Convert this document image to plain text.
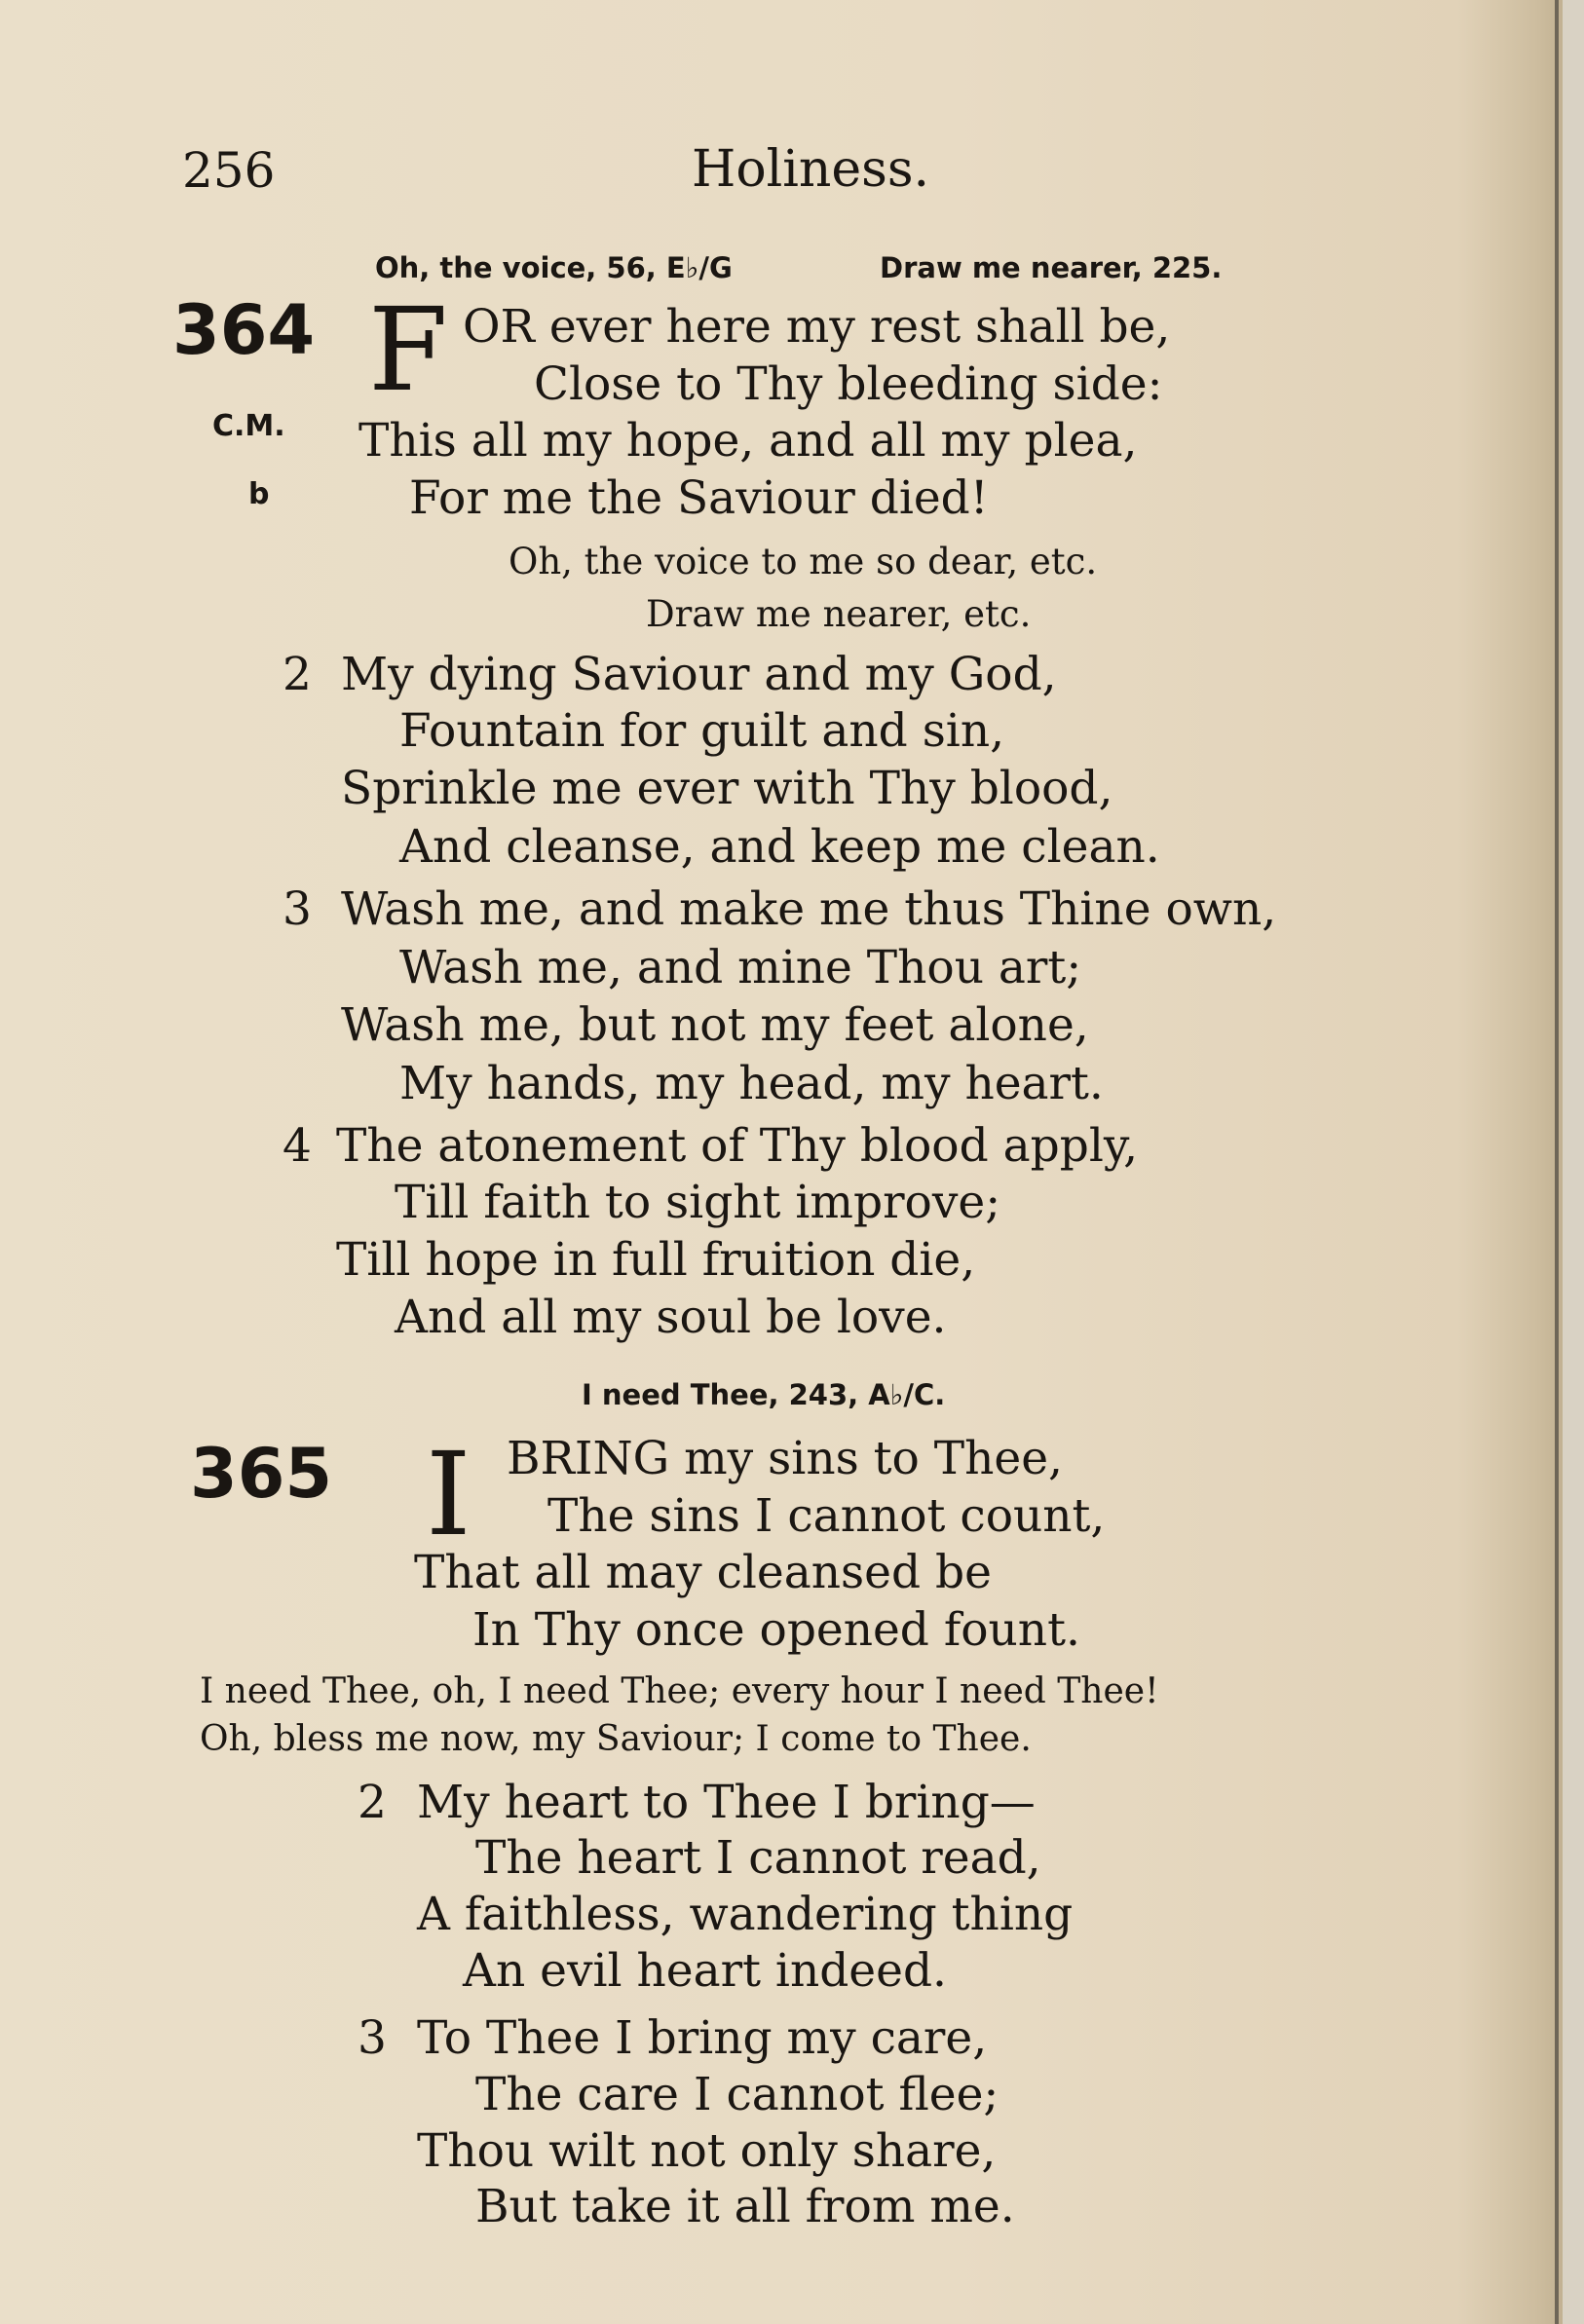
256	Holiness.
Oh, the voice, 56, E♭/G	Draw me nearer, 225.
364
C.M.
b
F OR ever here my rest shall be,
Close to Thy bleeding side:
This all my hope, and all my plea,
For me the Saviour died!
Oh, the voice to me so dear, etc.
Draw me nearer, etc.
2 My dying Saviour and my God,
Fountain for guilt and sin,
Sprinkle me ever with Thy blood,
And cleanse, and keep me clean.
3 Wash me, and make me thus Thine own,
Wash me, and mine Thou art;
Wash me, but not my feet alone,
My hands, my head, my heart.
4 The atonement of Thy blood apply,
Till faith to sight improve;
Till hope in full fruition die,
And all my soul be love.
I need Thee, 243, A♭/C.
365 I BRING my sins to Thee,
The sins I cannot count,
That all may cleansed be
In Thy once opened fount.
I need Thee, oh, I need Thee; every hour I need Thee!
Oh, bless me now, my Saviour; I come to Thee.
2 My heart to Thee I bring—
The heart I cannot read,
A faithless, wandering thing
An evil heart indeed.
3 To Thee I bring my care,
The care I cannot flee;
Thou wilt not only share,
But take it all from me.
